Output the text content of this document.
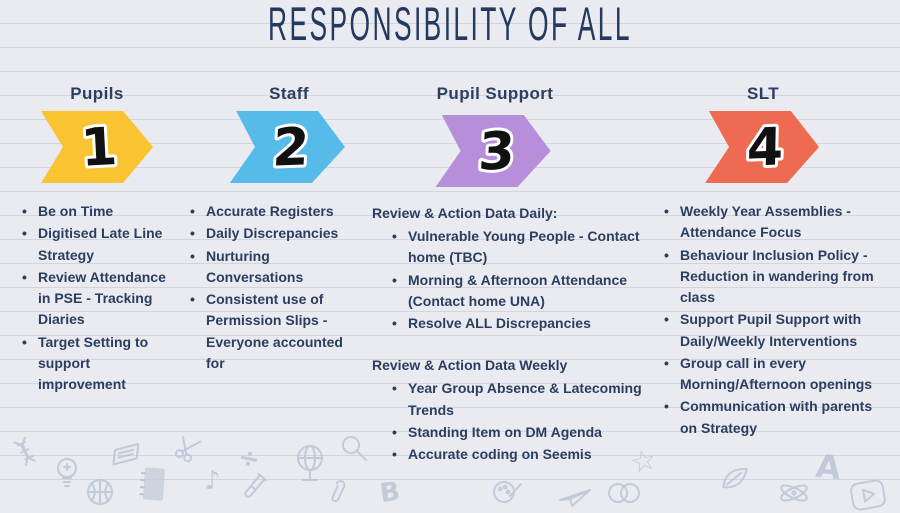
RESPONSIBILITY OF ALL
Pupils
1
• Be on Time
• Digitised Late Line Strategy
• Review Attendance in PSE - Tracking Diaries
• Target Setting to support improvement
Staff
2
• Accurate Registers
• Daily Discrepancies
• Nurturing Conversations
• Consistent use of Permission Slips - Everyone accounted for
Pupil Support
3
Review & Action Data Daily:
• Vulnerable Young People - Contact home (TBC)
• Morning & Afternoon Attendance (Contact home UNA)
• Resolve ALL Discrepancies
Review & Action Data Weekly
• Year Group Absence & Latecoming Trends
• Standing Item on DM Agenda
• Accurate coding on Seemis
SLT
4
• Weekly Year Assemblies - Attendance Focus
• Behaviour Inclusion Policy - Reduction in wandering from class
• Support Pupil Support with Daily/Weekly Interventions
• Group call in every Morning/Afternoon openings
• Communication with parents on Strategy
♪
÷
B
☆	A
